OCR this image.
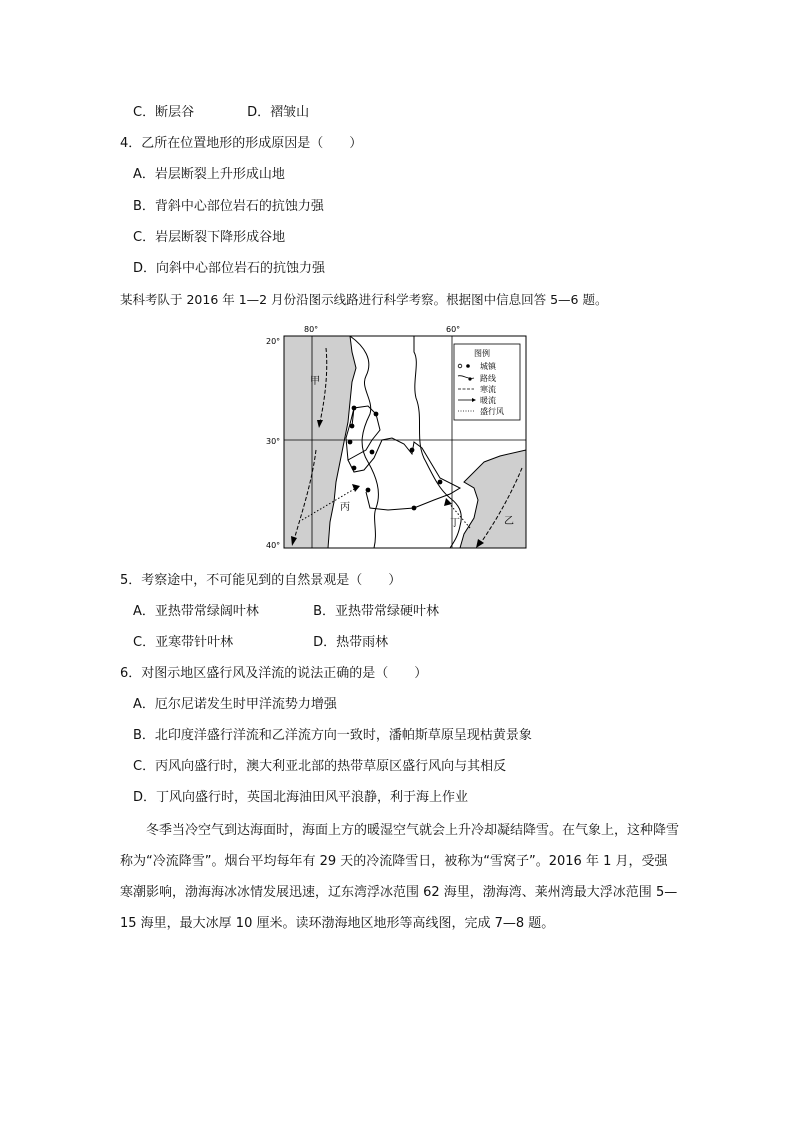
C．断层谷	D．褶皱山
4．乙所在位置地形的形成原因是（　　）
A．岩层断裂上升形成山地
B．背斜中心部位岩石的抗蚀力强
C．岩层断裂下降形成谷地
D．向斜中心部位岩石的抗蚀力强
某科考队于 2016 年 1—2 月份沿图示线路进行科学考察。根据图中信息回答 5—6 题。
80°	60°
20°
30°
40°
甲
丙
丁	乙
图例
城镇
路线
寒流
暖流
盛行风
5．考察途中，不可能见到的自然景观是（　　）
A．亚热带常绿阔叶林	B．亚热带常绿硬叶林
C．亚寒带针叶林	D．热带雨林
6．对图示地区盛行风及洋流的说法正确的是（　　）
A．厄尔尼诺发生时甲洋流势力增强
B．北印度洋盛行洋流和乙洋流方向一致时，潘帕斯草原呈现枯黄景象
C．丙风向盛行时，澳大利亚北部的热带草原区盛行风向与其相反
D．丁风向盛行时，英国北海油田风平浪静，利于海上作业
冬季当冷空气到达海面时，海面上方的暖湿空气就会上升冷却凝结降雪。在气象上，这种降雪称为“冷流降雪”。烟台平均每年有 29 天的冷流降雪日，被称为“雪窝子”。2016 年 1 月，受强寒潮影响，渤海海冰冰情发展迅速，辽东湾浮冰范围 62 海里，渤海湾、莱州湾最大浮冰范围 5—15 海里，最大冰厚 10 厘米。读环渤海地区地形等高线图，完成 7—8 题。
